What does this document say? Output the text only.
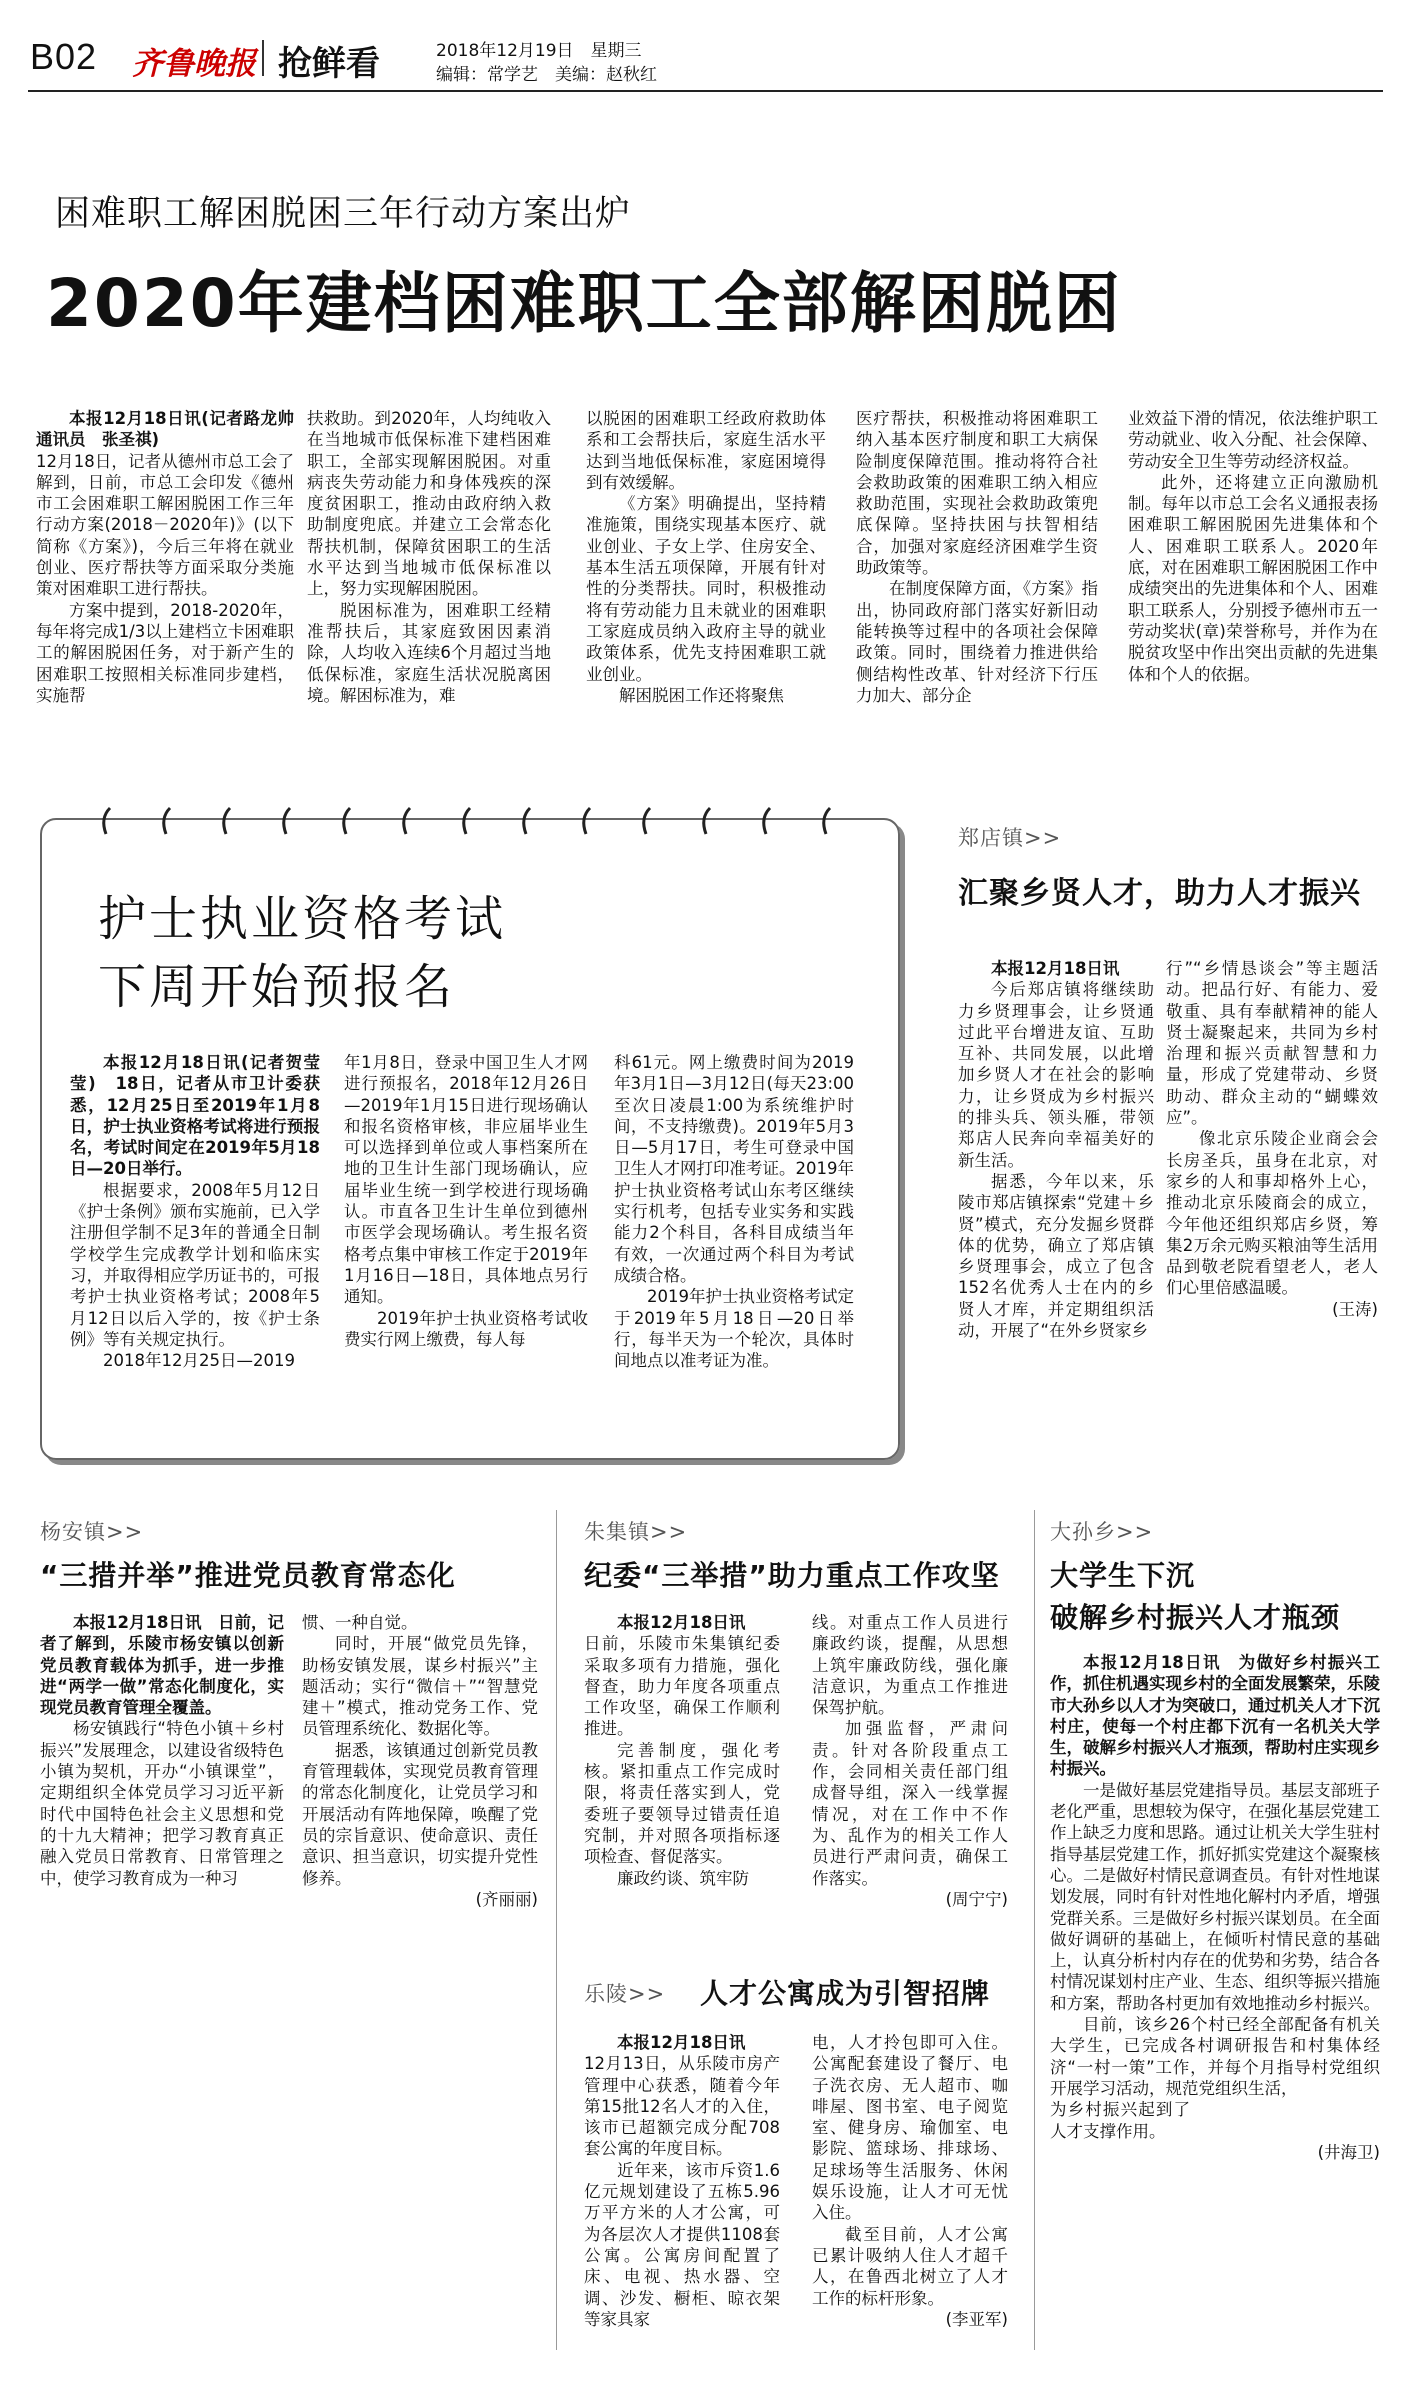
B02 齐鲁晚报 抢鲜看	2018年12月19日　星期三
编辑：常学艺　美编：赵秋红
困难职工解困脱困三年行动方案出炉
2020年建档困难职工全部解困脱困

本报12月18日讯(记者路龙帅　通讯员　张圣祺)

12月18日，记者从德州市总工会了解到，日前，市总工会印发《德州市工会困难职工解困脱困工作三年行动方案(2018－2020年)》(以下简称《方案》)，今后三年将在就业创业、医疗帮扶等方面采取分类施策对困难职工进行帮扶。

方案中提到，2018-2020年，每年将完成1/3以上建档立卡困难职工的解困脱困任务，对于新产生的困难职工按照相关标准同步建档，实施帮

扶救助。到2020年，人均纯收入在当地城市低保标准下建档困难职工，全部实现解困脱困。对重病丧失劳动能力和身体残疾的深度贫困职工，推动由政府纳入救助制度兜底。并建立工会常态化帮扶机制，保障贫困职工的生活水平达到当地城市低保标准以上，努力实现解困脱困。

脱困标准为，困难职工经精准帮扶后，其家庭致困因素消除，人均收入连续6个月超过当地低保标准，家庭生活状况脱离困境。解困标准为，难

以脱困的困难职工经政府救助体系和工会帮扶后，家庭生活水平达到当地低保标准，家庭困境得到有效缓解。

《方案》明确提出，坚持精准施策，围绕实现基本医疗、就业创业、子女上学、住房安全、基本生活五项保障，开展有针对性的分类帮扶。同时，积极推动将有劳动能力且未就业的困难职工家庭成员纳入政府主导的就业政策体系，优先支持困难职工就业创业。

解困脱困工作还将聚焦

医疗帮扶，积极推动将困难职工纳入基本医疗制度和职工大病保险制度保障范围。推动将符合社会救助政策的困难职工纳入相应救助范围，实现社会救助政策兜底保障。坚持扶困与扶智相结合，加强对家庭经济困难学生资助政策等。

在制度保障方面，《方案》指出，协同政府部门落实好新旧动能转换等过程中的各项社会保障政策。同时，围绕着力推进供给侧结构性改革、针对经济下行压力加大、部分企

业效益下滑的情况，依法维护职工劳动就业、收入分配、社会保障、劳动安全卫生等劳动经济权益。

此外，还将建立正向激励机制。每年以市总工会名义通报表扬困难职工解困脱困先进集体和个人、困难职工联系人。2020年底，对在困难职工解困脱困工作中成绩突出的先进集体和个人、困难职工联系人，分别授予德州市五一劳动奖状(章)荣誉称号，并作为在脱贫攻坚中作出突出贡献的先进集体和个人的依据。

护士执业资格考试
下周开始预报名

本报12月18日讯(记者贺莹莹)　18日，记者从市卫计委获悉，12月25日至2019年1月8日，护士执业资格考试将进行预报名，考试时间定在2019年5月18日—20日举行。

根据要求，2008年5月12日《护士条例》颁布实施前，已入学注册但学制不足3年的普通全日制学校学生完成教学计划和临床实习，并取得相应学历证书的，可报考护士执业资格考试；2008年5月12日以后入学的，按《护士条例》等有关规定执行。

2018年12月25日—2019

年1月8日，登录中国卫生人才网进行预报名，2018年12月26日—2019年1月15日进行现场确认和报名资格审核，非应届毕业生可以选择到单位或人事档案所在地的卫生计生部门现场确认，应届毕业生统一到学校进行现场确认。市直各卫生计生单位到德州市医学会现场确认。考生报名资格考点集中审核工作定于2019年1月16日—18日，具体地点另行通知。

2019年护士执业资格考试收费实行网上缴费，每人每

科61元。网上缴费时间为2019年3月1日—3月12日(每天23:00至次日凌晨1:00为系统维护时间，不支持缴费)。2019年5月3日—5月17日，考生可登录中国卫生人才网打印准考证。2019年护士执业资格考试山东考区继续实行机考，包括专业实务和实践能力2个科目，各科目成绩当年有效，一次通过两个科目为考试成绩合格。

2019年护士执业资格考试定于2019年5月18日—20日举行，每半天为一个轮次，具体时间地点以准考证为准。

郑店镇>>
汇聚乡贤人才，助力人才振兴

本报12月18日讯

今后郑店镇将继续助力乡贤理事会，让乡贤通过此平台增进友谊、互助互补、共同发展，以此增加乡贤人才在社会的影响力，让乡贤成为乡村振兴的排头兵、领头雁，带领郑店人民奔向幸福美好的新生活。

据悉，今年以来，乐陵市郑店镇探索“党建＋乡贤”模式，充分发掘乡贤群体的优势，确立了郑店镇乡贤理事会，成立了包含152名优秀人士在内的乡贤人才库，并定期组织活动，开展了“在外乡贤家乡

行”“乡情恳谈会”等主题活动。把品行好、有能力、爱敬重、具有奉献精神的能人贤士凝聚起来，共同为乡村治理和振兴贡献智慧和力量，形成了党建带动、乡贤助动、群众主动的“蝴蝶效应”。

像北京乐陵企业商会会长房圣兵，虽身在北京，对家乡的人和事却格外上心，推动北京乐陵商会的成立，今年他还组织郑店乡贤，筹集2万余元购买粮油等生活用品到敬老院看望老人，老人们心里倍感温暖。

(王涛)

杨安镇>>
“三措并举”推进党员教育常态化

本报12月18日讯　日前，记者了解到，乐陵市杨安镇以创新党员教育载体为抓手，进一步推进“两学一做”常态化制度化，实现党员教育管理全覆盖。

杨安镇践行“特色小镇＋乡村振兴”发展理念，以建设省级特色小镇为契机，开办“小镇课堂”，定期组织全体党员学习习近平新时代中国特色社会主义思想和党的十九大精神；把学习教育真正融入党员日常教育、日常管理之中，使学习教育成为一种习

惯、一种自觉。

同时，开展“做党员先锋，助杨安镇发展，谋乡村振兴”主题活动；实行“微信＋”“智慧党建＋”模式，推动党务工作、党员管理系统化、数据化等。

据悉，该镇通过创新党员教育管理载体，实现党员教育管理的常态化制度化，让党员学习和开展活动有阵地保障，唤醒了党员的宗旨意识、使命意识、责任意识、担当意识，切实提升党性修养。

(齐丽丽)

朱集镇>>
纪委“三举措”助力重点工作攻坚

本报12月18日讯

日前，乐陵市朱集镇纪委采取多项有力措施，强化督查，助力年度各项重点工作攻坚，确保工作顺利推进。

完善制度，强化考核。紧扣重点工作完成时限，将责任落实到人，党委班子要领导过错责任追究制，并对照各项指标逐项检查、督促落实。

廉政约谈、筑牢防

线。对重点工作人员进行廉政约谈，提醒，从思想上筑牢廉政防线，强化廉洁意识，为重点工作推进保驾护航。

加强监督，严肃问责。针对各阶段重点工作，会同相关责任部门组成督导组，深入一线掌握情况，对在工作中不作为、乱作为的相关工作人员进行严肃问责，确保工作落实。

(周宁宁)

乐陵>> 人才公寓成为引智招牌

本报12月18日讯

12月13日，从乐陵市房产管理中心获悉，随着今年第15批12名人才的入住，该市已超额完成分配708套公寓的年度目标。

近年来，该市斥资1.6亿元规划建设了五栋5.96万平方米的人才公寓，可为各层次人才提供1108套公寓。公寓房间配置了床、电视、热水器、空调、沙发、橱柜、晾衣架等家具家

电，人才拎包即可入住。公寓配套建设了餐厅、电子洗衣房、无人超市、咖啡屋、图书室、电子阅览室、健身房、瑜伽室、电影院、篮球场、排球场、足球场等生活服务、休闲娱乐设施，让人才可无忧入住。

截至目前，人才公寓已累计吸纳人住人才超千人，在鲁西北树立了人才工作的标杆形象。

(李亚军)

大孙乡>>
大学生下沉
破解乡村振兴人才瓶颈

本报12月18日讯　为做好乡村振兴工作，抓住机遇实现乡村的全面发展繁荣，乐陵市大孙乡以人才为突破口，通过机关人才下沉村庄，使每一个村庄都下沉有一名机关大学生，破解乡村振兴人才瓶颈，帮助村庄实现乡村振兴。

一是做好基层党建指导员。基层支部班子老化严重，思想较为保守，在强化基层党建工作上缺乏力度和思路。通过让机关大学生驻村指导基层党建工作，抓好抓实党建这个凝聚核心。二是做好村情民意调查员。有针对性地谋划发展，同时有针对性地化解村内矛盾，增强党群关系。三是做好乡村振兴谋划员。在全面做好调研的基础上，在倾听村情民意的基础上，认真分析村内存在的优势和劣势，结合各村情况谋划村庄产业、生态、组织等振兴措施和方案，帮助各村更加有效地推动乡村振兴。

目前，该乡26个村已经全部配备有机关大学生，已完成各村调研报告和村集体经济“一村一策”工作，并每个月指导村党组织开展学习活动，规范党组织生活，

为乡村振兴起到了人才支撑作用。

(井海卫)
